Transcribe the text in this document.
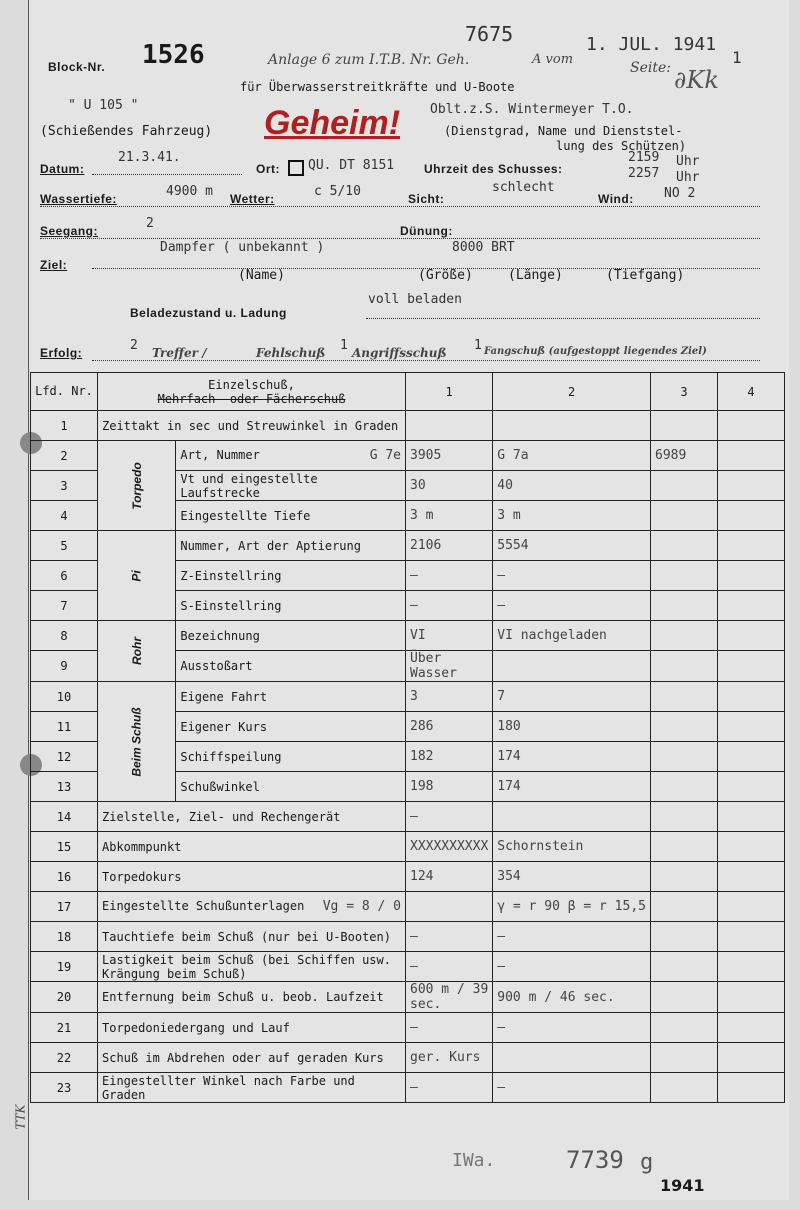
Block-Nr. 1526	Anlage 6 zum I.T.B. Nr. Geh.
7675
A vom
1. JUL. 1941
Seite:
1
∂Kk
für Überwasserstreitkräfte und U-Boote
" U 105 "
(Schießendes Fahrzeug) Geheim! Oblt.z.S. Wintermeyer T.O.
(Dienstgrad, Name und Dienststel-
lung des Schützen)
Datum:
21.3.41.
Ort: QU. DT 8151 Uhrzeit des Schusses:
2159 Uhr
2257 Uhr
Wassertiefe:	4900 m Wetter:	c 5/10	Sicht:
schlecht
Wind: NO 2
Seegang:	2	Dünung:
Dampfer ( unbekannt )	8000 BRT
Ziel:
(Name)	(Größe)	(Länge)	(Tiefgang)
voll beladen
Beladezustand u. Ladung
Erfolg:	2 Treffer /	Fehlschuß 1 Angriffsschuß 1 Fangschuß (aufgestoppt liegendes Ziel)
Lfd. Nr.	Einzelschuß,
Mehrfach- oder Fächerschuß		1	2	3	4
1	Zeittakt in sec und Streuwinkel in Graden					
2	Torpedo	Art, Nummer G 7e	3905	G 7a	6989	
3		Vt und eingestellte Laufstrecke	30	40		
4		Eingestellte Tiefe	3 m	3 m		
5	Pi	Nummer, Art der Aptierung	2106	5554		
6		Z-Einstellring	–	–		
7		S-Einstellring	–	–		
8	Rohr	Bezeichnung	VI	VI nachgeladen		
9		Ausstoßart	Über Wasser			
10	Beim Schuß	Eigene Fahrt	3	7		
11		Eigener Kurs	286	180		
12		Schiffspeilung	182	174		
13		Schußwinkel	198	174		
14	Zielstelle, Ziel- und Rechengerät		–			
15	Abkommpunkt		XXXXXXXXXX	Schornstein		
16	Torpedokurs		124	354		
17	Eingestellte Schußunterlagen Vg = 8 / 0			γ = r 90 β = r 15,5		
18	Tauchtiefe beim Schuß (nur bei U-Booten)		–	–		
19	Lastigkeit beim Schuß (bei Schiffen usw. Krängung beim Schuß)		–	–		
20	Entfernung beim Schuß u. beob. Laufzeit		600 m / 39 sec.	900 m / 46 sec.		
21	Torpedoniedergang und Lauf		–	–		
22	Schuß im Abdrehen oder auf geraden Kurs		ger. Kurs			
23	Eingestellter Winkel nach Farbe und Graden		–	–		
IWa.	7739 g
1941
TTK
